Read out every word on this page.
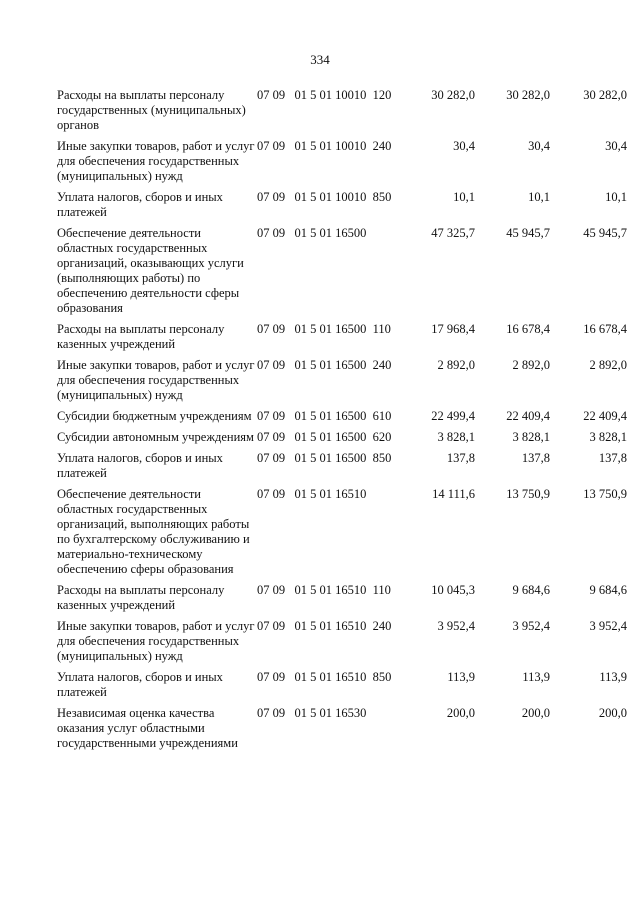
334
Расходы на выплаты персоналу государственных (муниципальных) органов
07 09   01 5 01 10010  120	30 282,0	30 282,0	30 282,0
Иные закупки товаров, работ и услуг для обеспечения государственных (муниципальных) нужд
07 09   01 5 01 10010  240	30,4	30,4	30,4
Уплата налогов, сборов и иных платежей
07 09   01 5 01 10010  850	10,1	10,1	10,1
Обеспечение деятельности областных государственных организаций, оказывающих услуги (выполняющих работы) по обеспечению деятельности сферы образования
07 09   01 5 01 16500	47 325,7	45 945,7	45 945,7
Расходы на выплаты персоналу казенных учреждений
07 09   01 5 01 16500  110	17 968,4	16 678,4	16 678,4
Иные закупки товаров, работ и услуг для обеспечения государственных (муниципальных) нужд
07 09   01 5 01 16500  240	2 892,0	2 892,0	2 892,0
Субсидии бюджетным учреждениям 07 09   01 5 01 16500  610	22 499,4	22 409,4	22 409,4
Субсидии автономным учреждениям 07 09   01 5 01 16500  620	3 828,1	3 828,1	3 828,1
Уплата налогов, сборов и иных платежей
07 09   01 5 01 16500  850	137,8	137,8	137,8
Обеспечение деятельности областных государственных организаций, выполняющих работы по бухгалтерскому обслуживанию и материально-техническому обеспечению сферы образования
07 09   01 5 01 16510	14 111,6	13 750,9	13 750,9
Расходы на выплаты персоналу казенных учреждений
07 09   01 5 01 16510  110	10 045,3	9 684,6	9 684,6
Иные закупки товаров, работ и услуг для обеспечения государственных (муниципальных) нужд
07 09   01 5 01 16510  240	3 952,4	3 952,4	3 952,4
Уплата налогов, сборов и иных платежей
07 09   01 5 01 16510  850	113,9	113,9	113,9
Независимая оценка качества оказания услуг областными государственными учреждениями
07 09   01 5 01 16530	200,0	200,0	200,0
